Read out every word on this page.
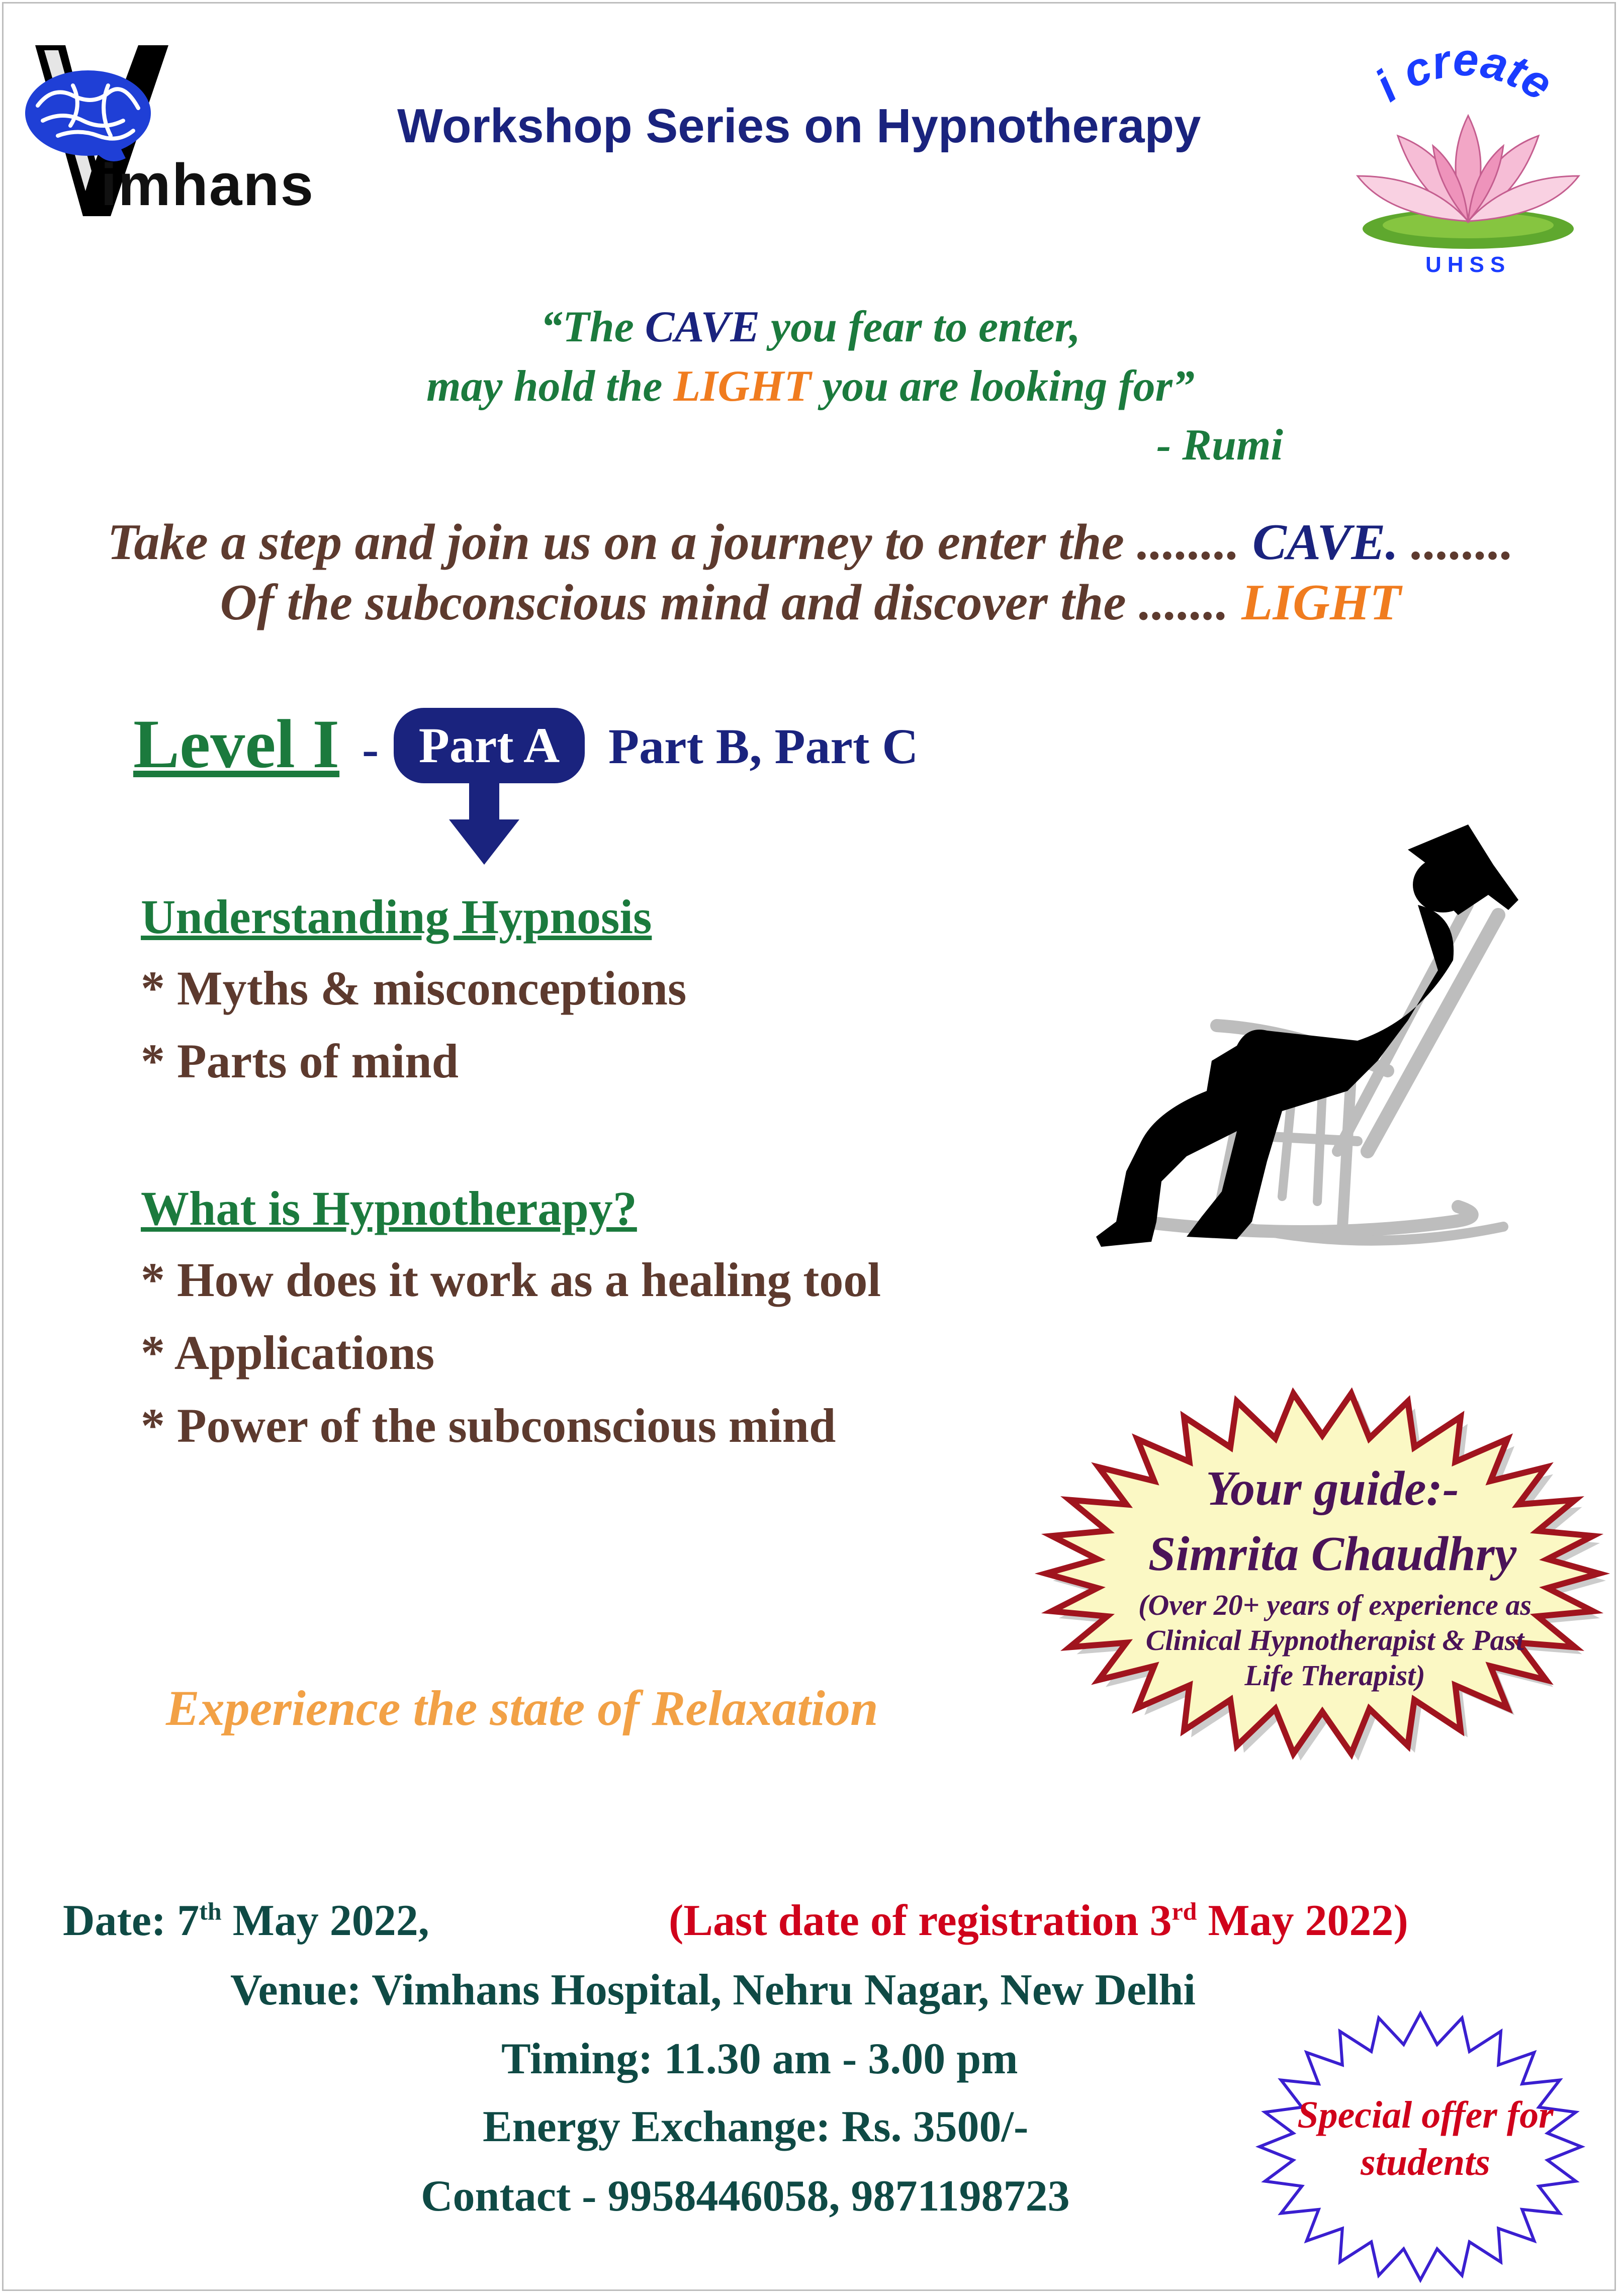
imhans
Workshop Series on Hypnotherapy
i create
UHSS
“The CAVE you fear to enter,
may hold the LIGHT you are looking for”
- Rumi
Take a step and join us on a journey to enter the ........ CAVE. ........
Of the subconscious mind and discover the ....... LIGHT
Level I - Part A Part B, Part C
Understanding Hypnosis
* Myths & misconceptions
* Parts of mind
What is Hypnotherapy?
* How does it work as a healing tool
* Applications
* Power of the subconscious mind
Experience the state of Relaxation
Your guide:-
Simrita Chaudhry
(Over 20+ years of experience as Clinical Hypnotherapist & Past Life Therapist)
Date: 7th May 2022,	(Last date of registration 3rd May 2022)
Venue: Vimhans Hospital, Nehru Nagar, New Delhi
Timing: 11.30 am - 3.00 pm
Energy Exchange: Rs. 3500/-
Contact - 9958446058, 9871198723
Special offer for students
